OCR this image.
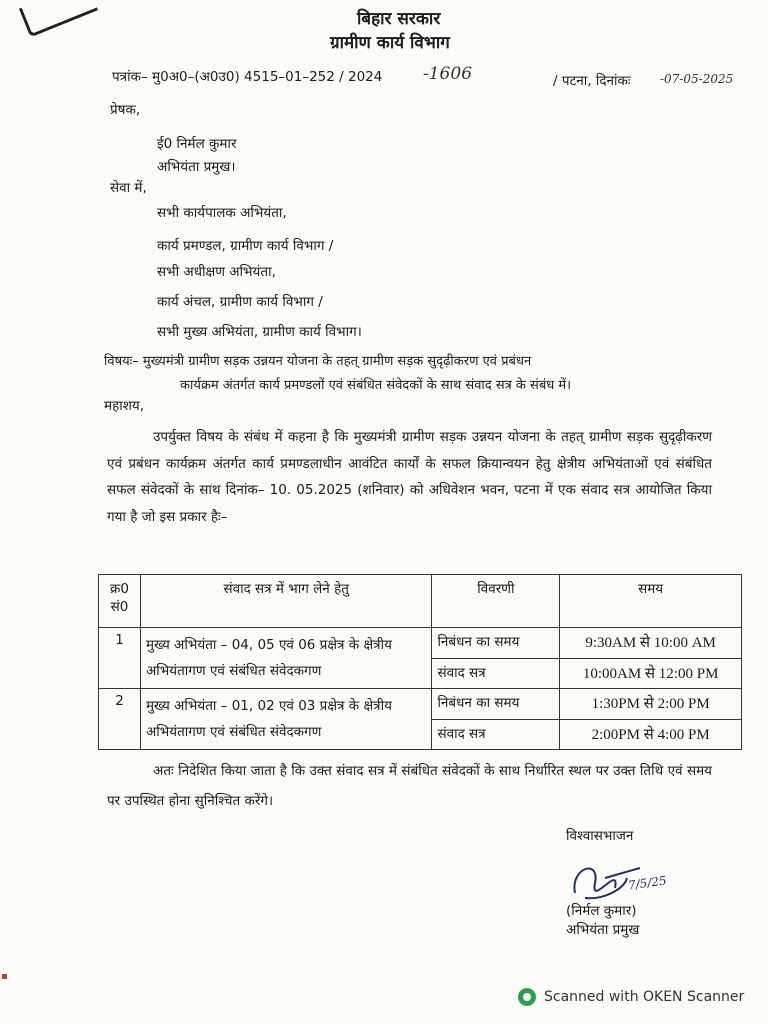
बिहार सरकार
ग्रामीण कार्य विभाग
पत्रांक– मु0अ0–(अ0उ0) 4515–01–252 / 2024 -1606	/ पटना, दिनांकः -07-05-2025
प्रेषक,
ई0 निर्मल कुमार
अभियंता प्रमुख।
सेवा में,
सभी कार्यपालक अभियंता,
कार्य प्रमण्डल, ग्रामीण कार्य विभाग /
सभी अधीक्षण अभियंता,
कार्य अंचल, ग्रामीण कार्य विभाग /
सभी मुख्य अभियंता, ग्रामीण कार्य विभाग।
विषयः– मुख्यमंत्री ग्रामीण सड़क उन्नयन योजना के तहत् ग्रामीण सड़क सुदृढ़ीकरण एवं प्रबंधन
कार्यक्रम अंतर्गत कार्य प्रमण्डलों एवं संबंधित संवेदकों के साथ संवाद सत्र के संबंध में।
महाशय,
उपर्युक्त विषय के संबंध में कहना है कि मुख्यमंत्री ग्रामीण सड़क उन्नयन योजना के तहत् ग्रामीण सड़क सुदृढ़ीकरण एवं प्रबंधन कार्यक्रम अंतर्गत कार्य प्रमण्डलाधीन आवंटित कार्यों के सफल क्रियान्वयन हेतु क्षेत्रीय अभियंताओं एवं संबंधित सफल संवेदकों के साथ दिनांक– 10. 05.2025 (शनिवार) को अधिवेशन भवन, पटना में एक संवाद सत्र आयोजित किया गया है जो इस प्रकार हैः–
क्र0 सं0	संवाद सत्र में भाग लेने हेतु	विवरणी	समय
1	मुख्य अभियंता – 04, 05 एवं 06 प्रक्षेत्र के क्षेत्रीय अभियंतागण एवं संबंधित संवेदकगण	निबंधन का समय	9:30AM से 10:00 AM
		संवाद सत्र	10:00AM से 12:00 PM
2	मुख्य अभियंता – 01, 02 एवं 03 प्रक्षेत्र के क्षेत्रीय अभियंतागण एवं संबंधित संवेदकगण	निबंधन का समय	1:30PM से 2:00 PM
		संवाद सत्र	2:00PM से 4:00 PM
अतः निदेशित किया जाता है कि उक्त संवाद सत्र में संबंधित संवेदकों के साथ निर्धारित स्थल पर उक्त तिथि एवं समय पर उपस्थित होना सुनिश्चित करेंगे।
विश्वासभाजन
7/5/25
(निर्मल कुमार)
अभियंता प्रमुख
Scanned with OKEN Scanner
